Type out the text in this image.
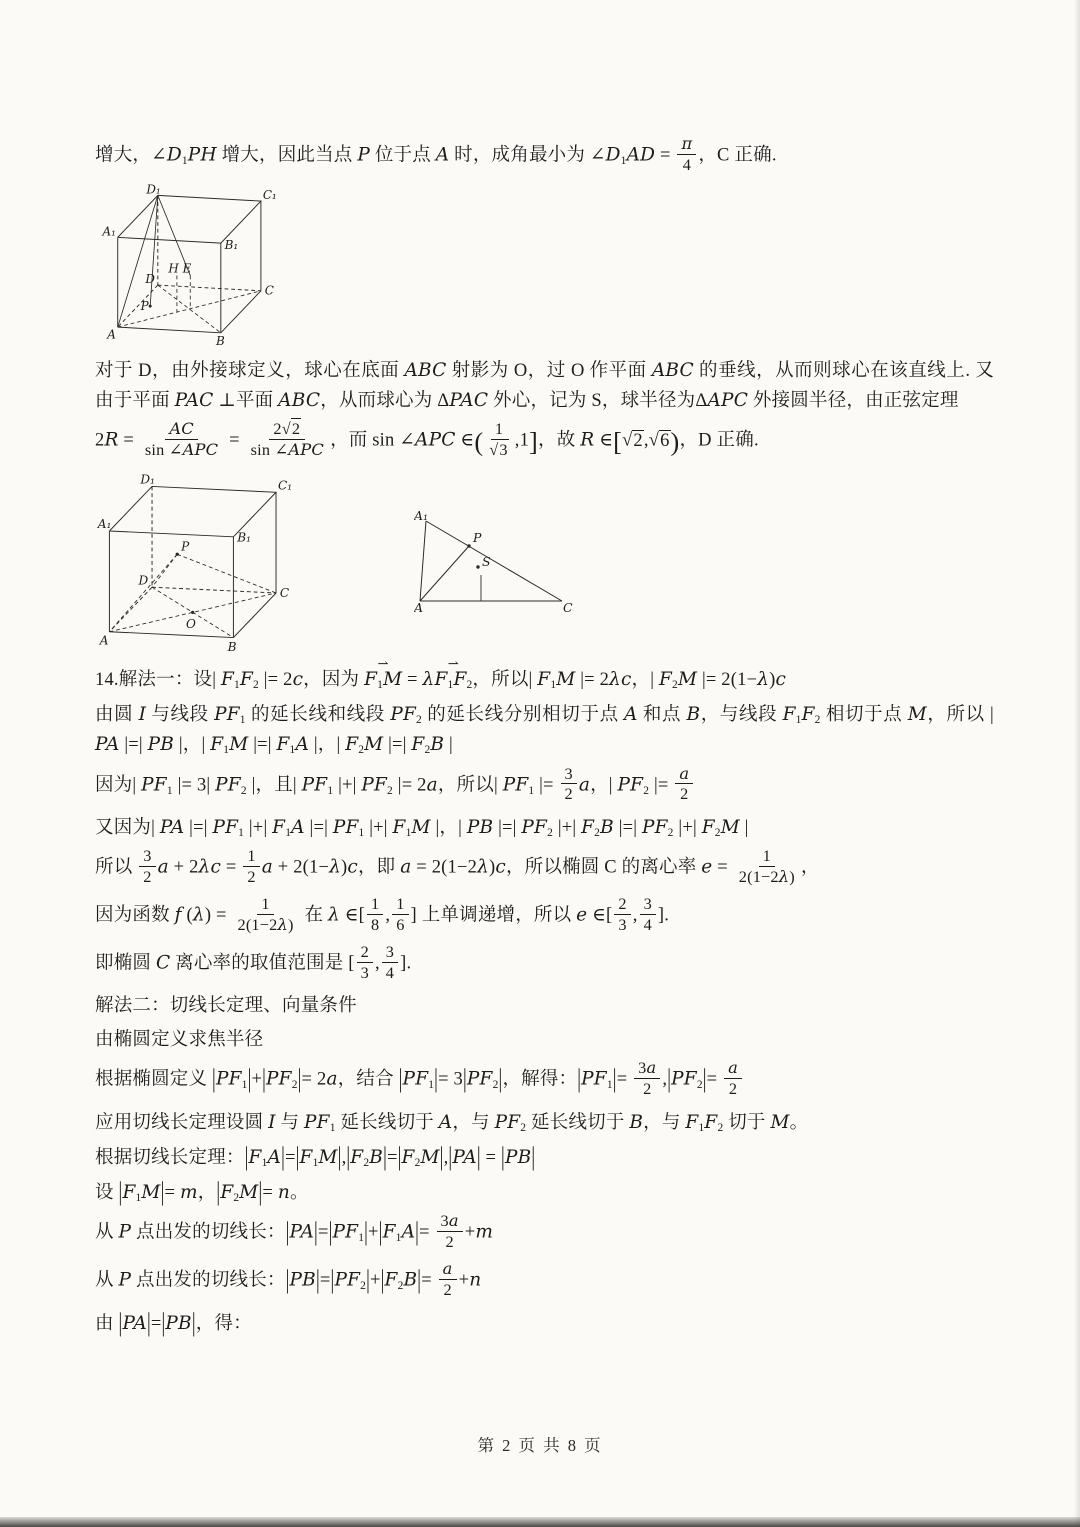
增大，$\angle D_1PH$ 增大，因此当点 P 位于点 A 时，成角最小为 $\angle D_1AD = \frac{\pi}{4}$ ，C 正确.

D₁	C₁
A₁
B₁
H E
D
P
C
A	B

对于 D，由外接球定义，球心在底面 ABC 射影为 O，过 O 作平面 ABC 的垂线，从而则球心在该直线上. 又由于平面 PAC ⊥平面 ABC，从而球心为 ΔPAC 外心，记为 S，球半径为ΔAPC 外接圆半径，由正弦定理

2R =
AC
sin ∠APC =
2√2
sin ∠APC ，而 sin ∠APC ∈( $\frac{1}{√3} ,1$]，故 R ∈[√2,√6)，D 正确.

D₁	C₁
A₁
B₁
P
D
C
O
A	B
A₁
P
S
A	C

14.解法一：设| $F_1F_2$ |= 2c，因为 $F_1M$ ⇀ = $\lambda F_1F_2$ ⇀，所以| $F_1M$ |= 2λc，| $F_2M$ |= 2(1−λ)c

由圆 I 与线段 $PF_1$ 的延长线和线段 $PF_2$ 的延长线分别相切于点 A 和点 B，与线段 $F_1F_2$ 相切于点 M，所以 | PA |=| PB |，| $F_1M$ |=| $F_1A$ |，| $F_2M$ |=| $F_2B$ |

因为| $PF_1$ |= 3| $PF_2$ |，且| $PF_1$ |+| $PF_2$ |= 2a，所以| $PF_1$ |= $\frac{3}{2}$ a，| $PF_2$ |= $\frac{a}{2}$

又因为| PA |=| $PF_1$ |+| $F_1A$ |=| $PF_1$ |+| $F_1M$ |，| PB |=| $PF_2$ |+| $F_2B$ |=| $PF_2$ |+| $F_2M$ |

所以 $\frac{3}{2}$ $a + 2\lambda c = \frac{1}{2}$ a + 2(1−λ)c，即 a = 2(1−2λ)c，所以椭圆 C 的离心率 $e = \frac{1}{2(1-2\lambda)}$ ，

因为函数 f $(\lambda) = \frac{1}{2(1-2\lambda)}$ 在 λ ∈[ $\frac{1}{8}$ , $\frac{1}{6}$ ] 上单调递增，所以 e ∈[ $\frac{2}{3}$ , $\frac{3}{4}$ ].

即椭圆 C 离心率的取值范围是 [ $\frac{2}{3}$ , $\frac{3}{4}$ ].

解法二：切线长定理、向量条件

由椭圆定义求焦半径

根据椭圆定义 $|PF_1|+|PF_2|= 2a$，结合 $|PF_1|= 3|PF_2|$，解得：$|PF_1|= \frac{3a}{2} ,|PF_2|= \frac{a}{2}$

应用切线长定理设圆 I 与 $PF_1$ 延长线切于 A，与 $PF_2$ 延长线切于 B，与 $F_1F_2$ 切于 M。

根据切线长定理：$|F_1A|=|F_1M|,|F_2B|=|F_2M|,|PA| = |PB|$

设 $|F_1M|= m$，$|F_2M|= n$。

从 P 点出发的切线长：$|PA|=|PF_1|+|F_1A|= \frac{3a}{2} +m$

从 P 点出发的切线长：$|PB|=|PF_2|+|F_2B|= \frac{a}{2} +n$

由 |PA|=|PB|，得：

第 2 页 共 8 页
